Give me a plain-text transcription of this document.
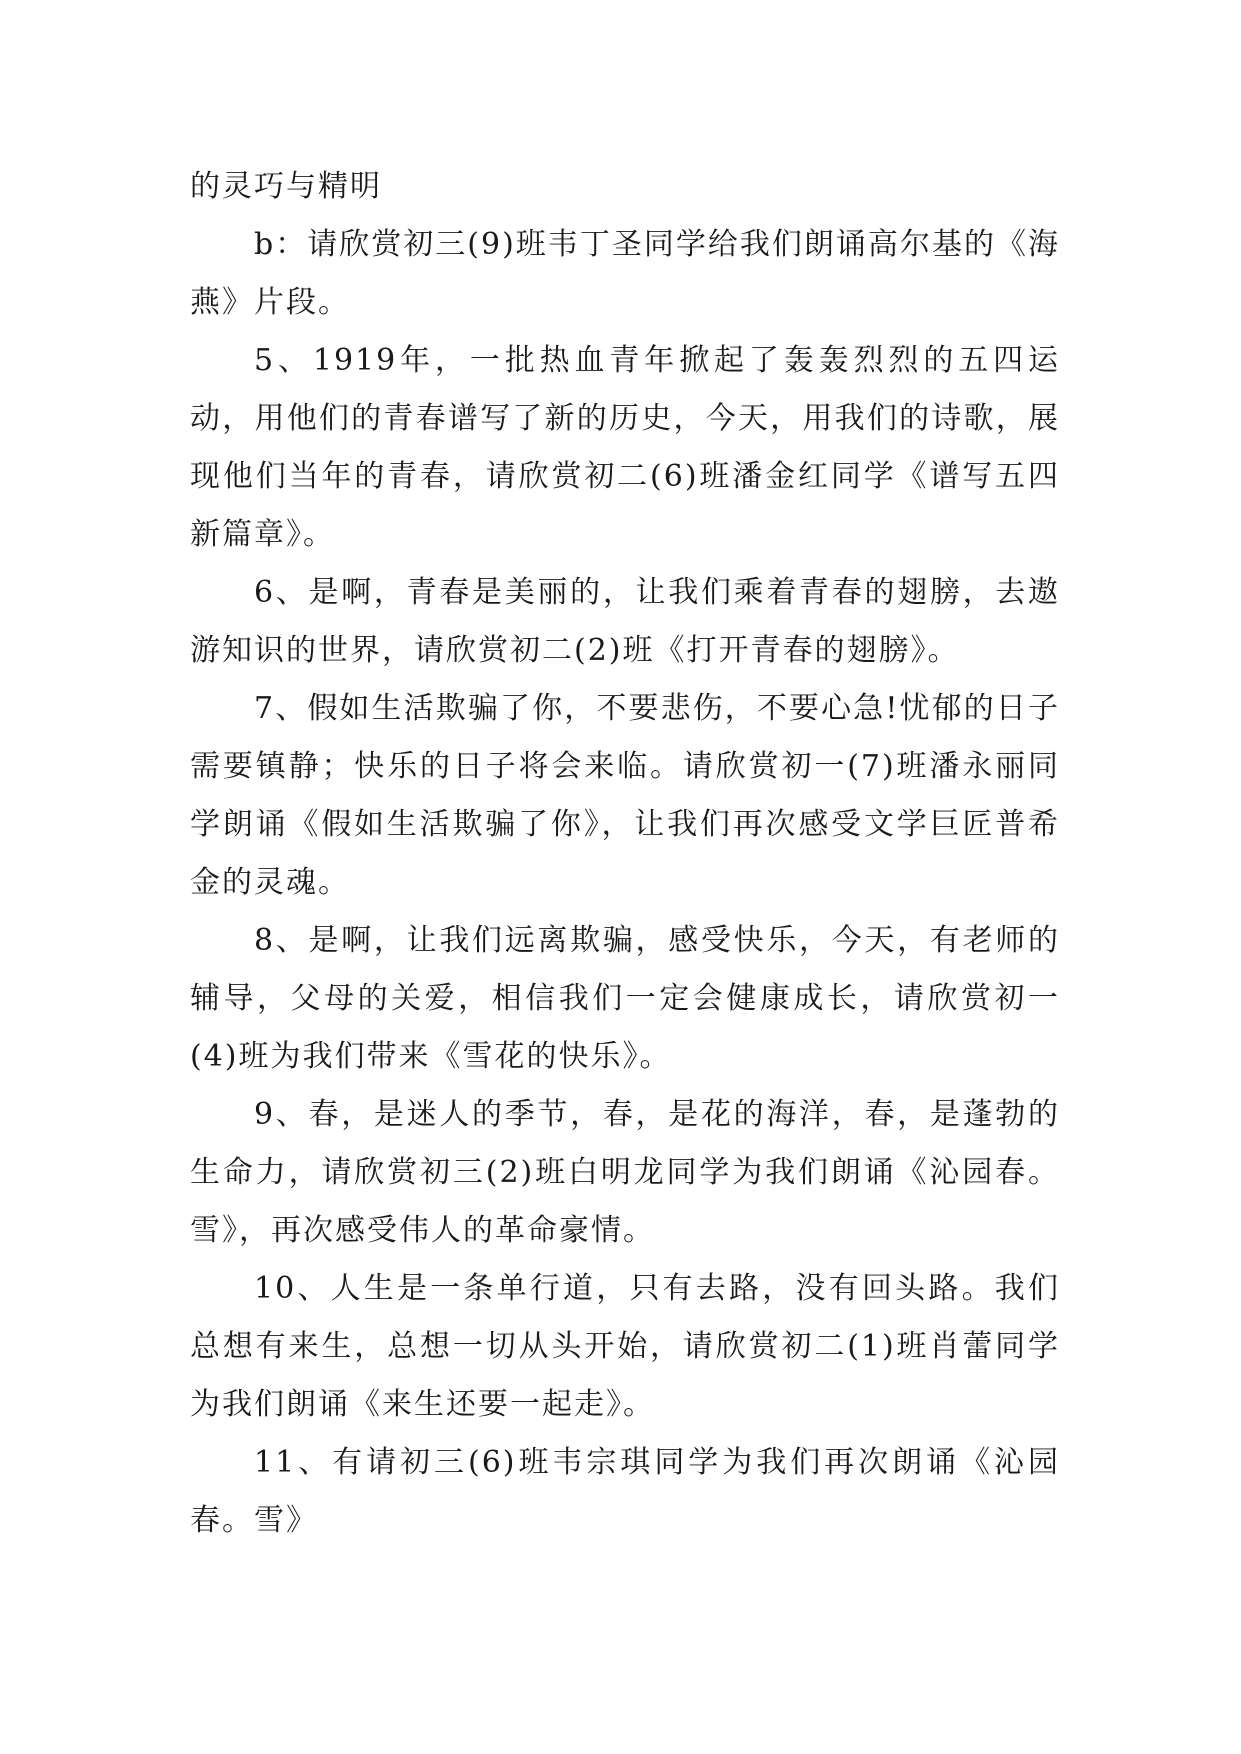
的灵巧与精明

b：请欣赏初三(9)班韦丁圣同学给我们朗诵高尔基的《海燕》片段。

5、1919年，一批热血青年掀起了轰轰烈烈的五四运动，用他们的青春谱写了新的历史，今天，用我们的诗歌，展现他们当年的青春，请欣赏初二(6)班潘金红同学《谱写五四新篇章》。

6、是啊，青春是美丽的，让我们乘着青春的翅膀，去遨游知识的世界，请欣赏初二(2)班《打开青春的翅膀》。

7、假如生活欺骗了你，不要悲伤，不要心急!忧郁的日子需要镇静；快乐的日子将会来临。请欣赏初一(7)班潘永丽同学朗诵《假如生活欺骗了你》，让我们再次感受文学巨匠普希金的灵魂。

8、是啊，让我们远离欺骗，感受快乐，今天，有老师的辅导，父母的关爱，相信我们一定会健康成长，请欣赏初一(4)班为我们带来《雪花的快乐》。

9、春，是迷人的季节，春，是花的海洋，春，是蓬勃的生命力，请欣赏初三(2)班白明龙同学为我们朗诵《沁园春。雪》，再次感受伟人的革命豪情。

10、人生是一条单行道，只有去路，没有回头路。我们总想有来生，总想一切从头开始，请欣赏初二(1)班肖蕾同学为我们朗诵《来生还要一起走》。

11、有请初三(6)班韦宗琪同学为我们再次朗诵《沁园春。雪》
